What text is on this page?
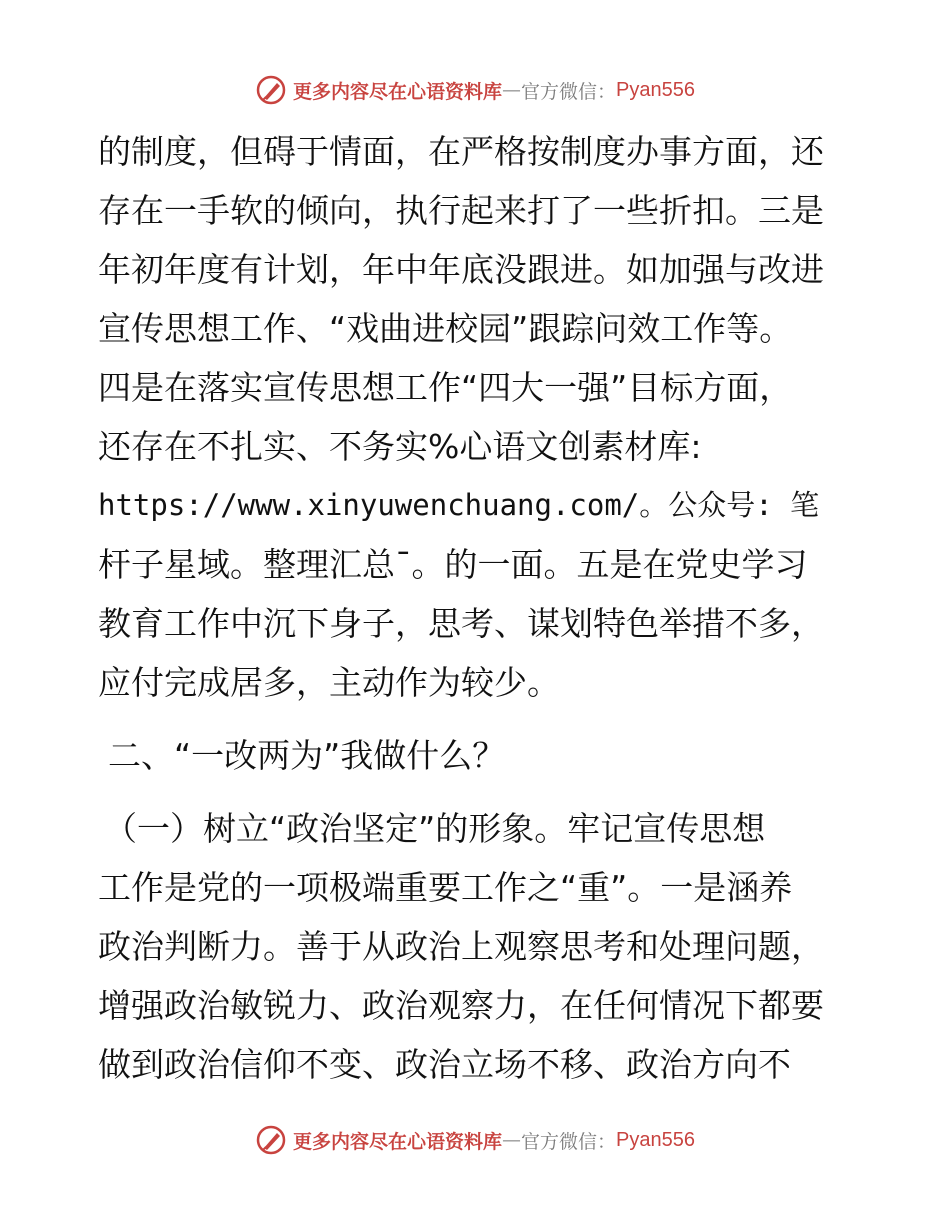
更多内容尽在心语资料库 — 官方微信： Pyan556
的制度，但碍于情面，在严格按制度办事方面，还
存在一手软的倾向，执行起来打了一些折扣。三是
年初年度有计划，年中年底没跟进。如加强与改进
宣传思想工作、“戏曲进校园”跟踪问效工作等。
四是在落实宣传思想工作“四大一强”目标方面，
还存在不扎实、不务实%心语文创素材库:
https://www.xinyuwenchuang.com/。公众号: 笔
杆子星域。整理汇总¯。的一面。五是在党史学习
教育工作中沉下身子，思考、谋划特色举措不多，
应付完成居多，主动作为较少。
二、“一改两为”我做什么？
（一）树立“政治坚定”的形象。牢记宣传思想
工作是党的一项极端重要工作之“重”。一是涵养
政治判断力。善于从政治上观察思考和处理问题，
增强政治敏锐力、政治观察力，在任何情况下都要
做到政治信仰不变、政治立场不移、政治方向不
更多内容尽在心语资料库 — 官方微信： Pyan556
